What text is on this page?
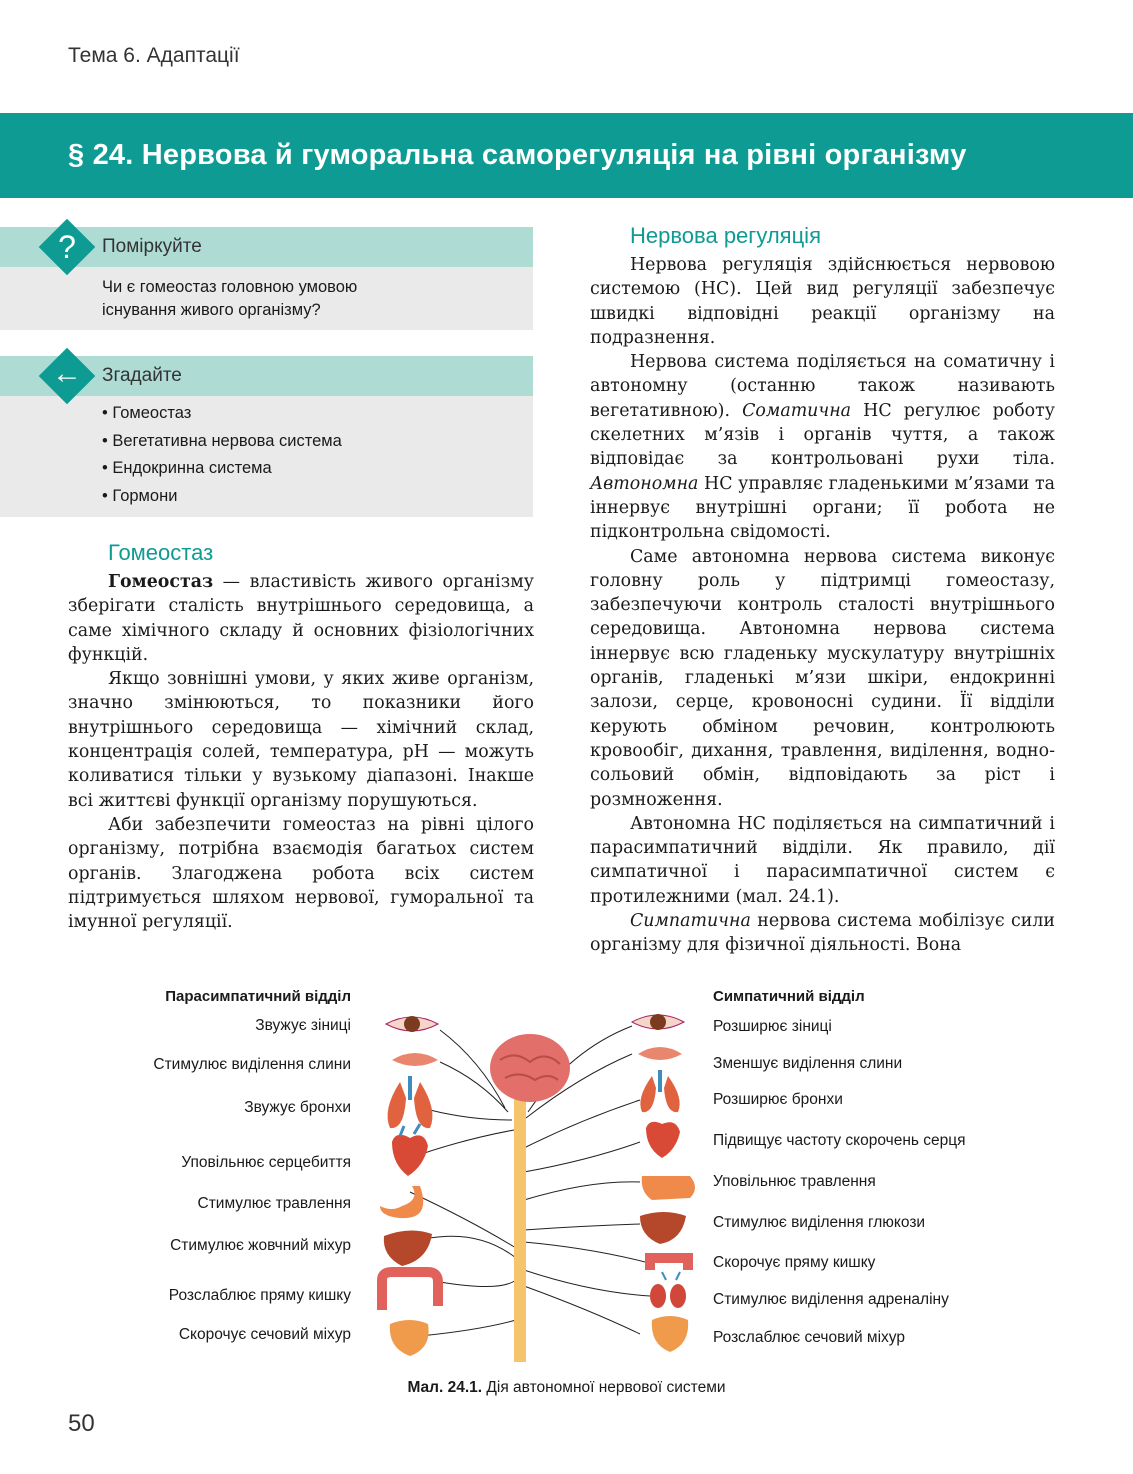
Тема 6. Адаптації
§ 24. Нервова й гуморальна саморегуляція на рівні організму
Поміркуйте
?
Чи є гомеостаз головною умовою
існування живого організму?
Згадайте
←
• Гомеостаз
• Вегетативна нервова система
• Ендокринна система
• Гормони
Гомеостаз

Гомеостаз — властивість живого організму зберігати сталість внутрішнього середовища, а саме хімічного складу й основних фізіологічних функцій.

Якщо зовнішні умови, у яких живе організм, значно змінюються, то показники його внутрішнього середовища — хімічний склад, концентрація солей, температура, pH — можуть коливатися тільки у вузькому діапазоні. Інакше всі життєві функції організму порушуються.

Аби забезпечити гомеостаз на рівні цілого організму, потрібна взаємодія багатьох систем органів. Злагоджена робота всіх систем підтримується шляхом нервової, гуморальної та імунної регуляції.

Нервова регуляція

Нервова регуляція здійснюється нервовою системою (НС). Цей вид регуляції забезпечує швидкі відповідні реакції організму на подразнення.

Нервова система поділяється на соматичну і автономну (останню також називають вегетативною). Соматична НС регулює роботу скелетних м’язів і органів чуття, а також відповідає за контрольовані рухи тіла. Автономна НС управляє гладенькими м’язами та іннервує внутрішні органи; її робота не підконтрольна свідомості.

Саме автономна нервова система виконує головну роль у підтримці гомеостазу, забезпечуючи контроль сталості внутрішнього середовища. Автономна нервова система іннервує всю гладеньку мускулатуру внутрішніх органів, гладенькі м’язи шкіри, ендокринні залози, серце, кровоносні судини. Її відділи керують обміном речовин, контролюють кровообіг, дихання, травлення, виділення, водно-сольовий обмін, відповідають за ріст і розмноження.

Автономна НС поділяється на симпатичний і парасимпатичний відділи. Як правило, дії симпатичної і парасимпатичної систем є протилежними (мал. 24.1).

Симпатична нервова система мобілізує сили організму для фізичної діяльності. Вона

Парасимпатичний відділ	Симпатичний відділ
Звужує зіниці
Стимулює виділення слини
Звужує бронхи
Уповільнює серцебиття
Стимулює травлення
Стимулює жовчний міхур
Розслаблює пряму кишку
Скорочує сечовий міхур
Розширює зіниці
Зменшує виділення слини
Розширює бронхи
Підвищує частоту скорочень серця
Уповільнює травлення
Стимулює виділення глюкози
Скорочує пряму кишку
Стимулює виділення адреналіну
Розслаблює сечовий міхур
Мал. 24.1. Дія автономної нервової системи
50
